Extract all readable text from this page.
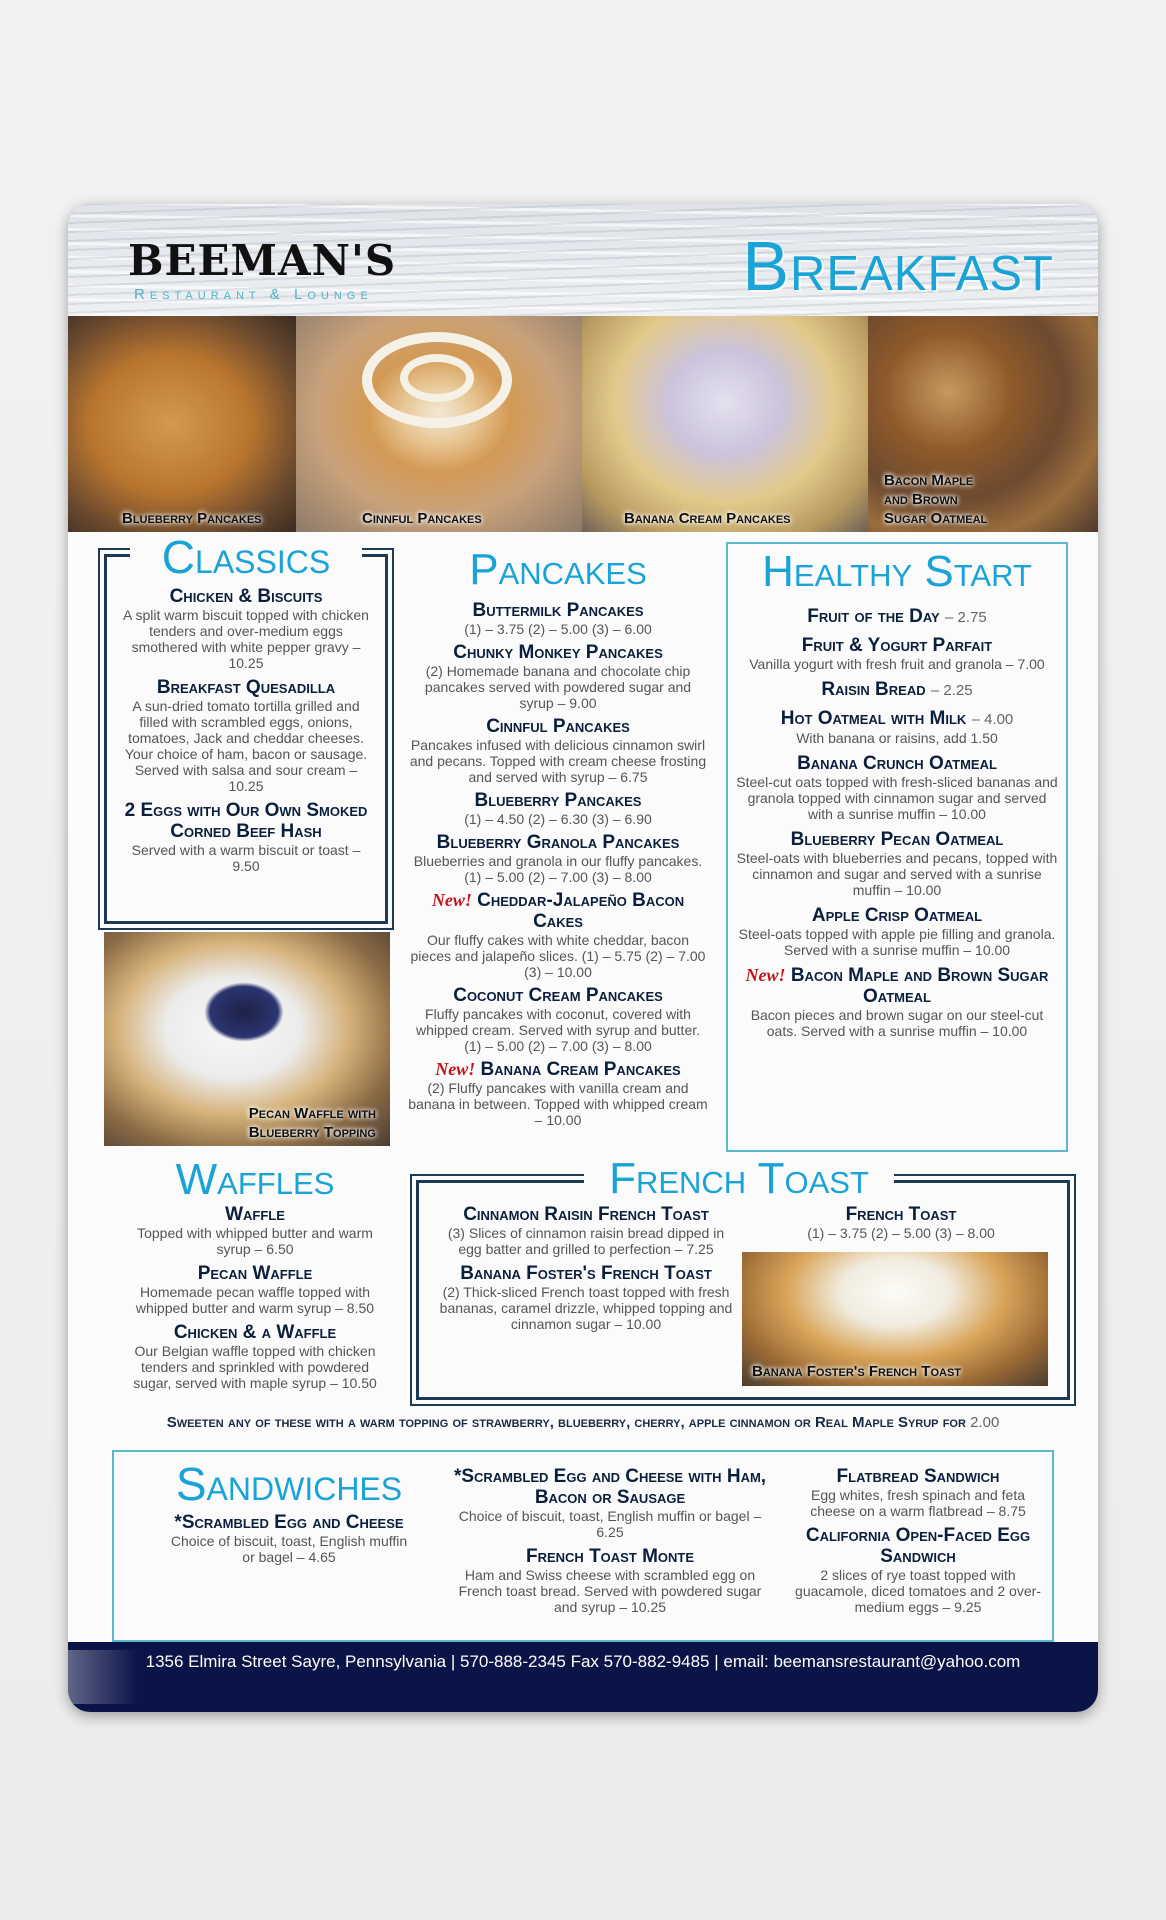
BEEMAN'S
Restaurant & Lounge	Breakfast
Blueberry Pancakes	Cinnful Pancakes	Banana Cream Pancakes
Bacon Maple
and Brown
Sugar Oatmeal
Classics
Chicken & Biscuits
A split warm biscuit topped with chicken tenders and over-medium eggs smothered with white pepper gravy – 10.25
Breakfast Quesadilla
A sun-dried tomato tortilla grilled and filled with scrambled eggs, onions, tomatoes, Jack and cheddar cheeses. Your choice of ham, bacon or sausage. Served with salsa and sour cream – 10.25
2 Eggs with Our Own Smoked Corned Beef Hash
Served with a warm biscuit or toast – 9.50
Pecan Waffle with
Blueberry Topping
Pancakes
Buttermilk Pancakes
(1) – 3.75 (2) – 5.00 (3) – 6.00
Chunky Monkey Pancakes
(2) Homemade banana and chocolate chip pancakes served with powdered sugar and syrup – 9.00
Cinnful Pancakes
Pancakes infused with delicious cinnamon swirl and pecans. Topped with cream cheese frosting and served with syrup – 6.75
Blueberry Pancakes
(1) – 4.50 (2) – 6.30 (3) – 6.90
Blueberry Granola Pancakes
Blueberries and granola in our fluffy pancakes. (1) – 5.00 (2) – 7.00 (3) – 8.00
New! Cheddar-Jalapeño Bacon Cakes
Our fluffy cakes with white cheddar, bacon pieces and jalapeño slices. (1) – 5.75 (2) – 7.00 (3) – 10.00
Coconut Cream Pancakes
Fluffy pancakes with coconut, covered with whipped cream. Served with syrup and butter. (1) – 5.00 (2) – 7.00 (3) – 8.00
New! Banana Cream Pancakes
(2) Fluffy pancakes with vanilla cream and banana in between. Topped with whipped cream – 10.00
Healthy Start
Fruit of the Day – 2.75
Fruit & Yogurt Parfait
Vanilla yogurt with fresh fruit and granola – 7.00
Raisin Bread – 2.25
Hot Oatmeal with Milk – 4.00
With banana or raisins, add 1.50
Banana Crunch Oatmeal
Steel-cut oats topped with fresh-sliced bananas and granola topped with cinnamon sugar and served with a sunrise muffin – 10.00
Blueberry Pecan Oatmeal
Steel-oats with blueberries and pecans, topped with cinnamon and sugar and served with a sunrise muffin – 10.00
Apple Crisp Oatmeal
Steel-oats topped with apple pie filling and granola. Served with a sunrise muffin – 10.00
New! Bacon Maple and Brown Sugar Oatmeal
Bacon pieces and brown sugar on our steel-cut oats. Served with a sunrise muffin – 10.00
Waffles
Waffle
Topped with whipped butter and warm syrup – 6.50
Pecan Waffle
Homemade pecan waffle topped with whipped butter and warm syrup – 8.50
Chicken & a Waffle
Our Belgian waffle topped with chicken tenders and sprinkled with powdered sugar, served with maple syrup – 10.50
French Toast
Cinnamon Raisin French Toast
(3) Slices of cinnamon raisin bread dipped in egg batter and grilled to perfection – 7.25
Banana Foster's French Toast
(2) Thick-sliced French toast topped with fresh bananas, caramel drizzle, whipped topping and cinnamon sugar – 10.00
French Toast
(1) – 3.75 (2) – 5.00 (3) – 8.00
Banana Foster's French Toast
Sweeten any of these with a warm topping of strawberry, blueberry, cherry, apple cinnamon or Real Maple Syrup for 2.00
Sandwiches
*Scrambled Egg and Cheese
Choice of biscuit, toast, English muffin or bagel – 4.65
*Scrambled Egg and Cheese with Ham, Bacon or Sausage
Choice of biscuit, toast, English muffin or bagel – 6.25
French Toast Monte
Ham and Swiss cheese with scrambled egg on French toast bread. Served with powdered sugar and syrup – 10.25
Flatbread Sandwich
Egg whites, fresh spinach and feta cheese on a warm flatbread – 8.75
California Open-Faced Egg Sandwich
2 slices of rye toast topped with guacamole, diced tomatoes and 2 over-medium eggs – 9.25
1356 Elmira Street Sayre, Pennsylvania | 570-888-2345 Fax 570-882-9485 | email: beemansrestaurant@yahoo.com
